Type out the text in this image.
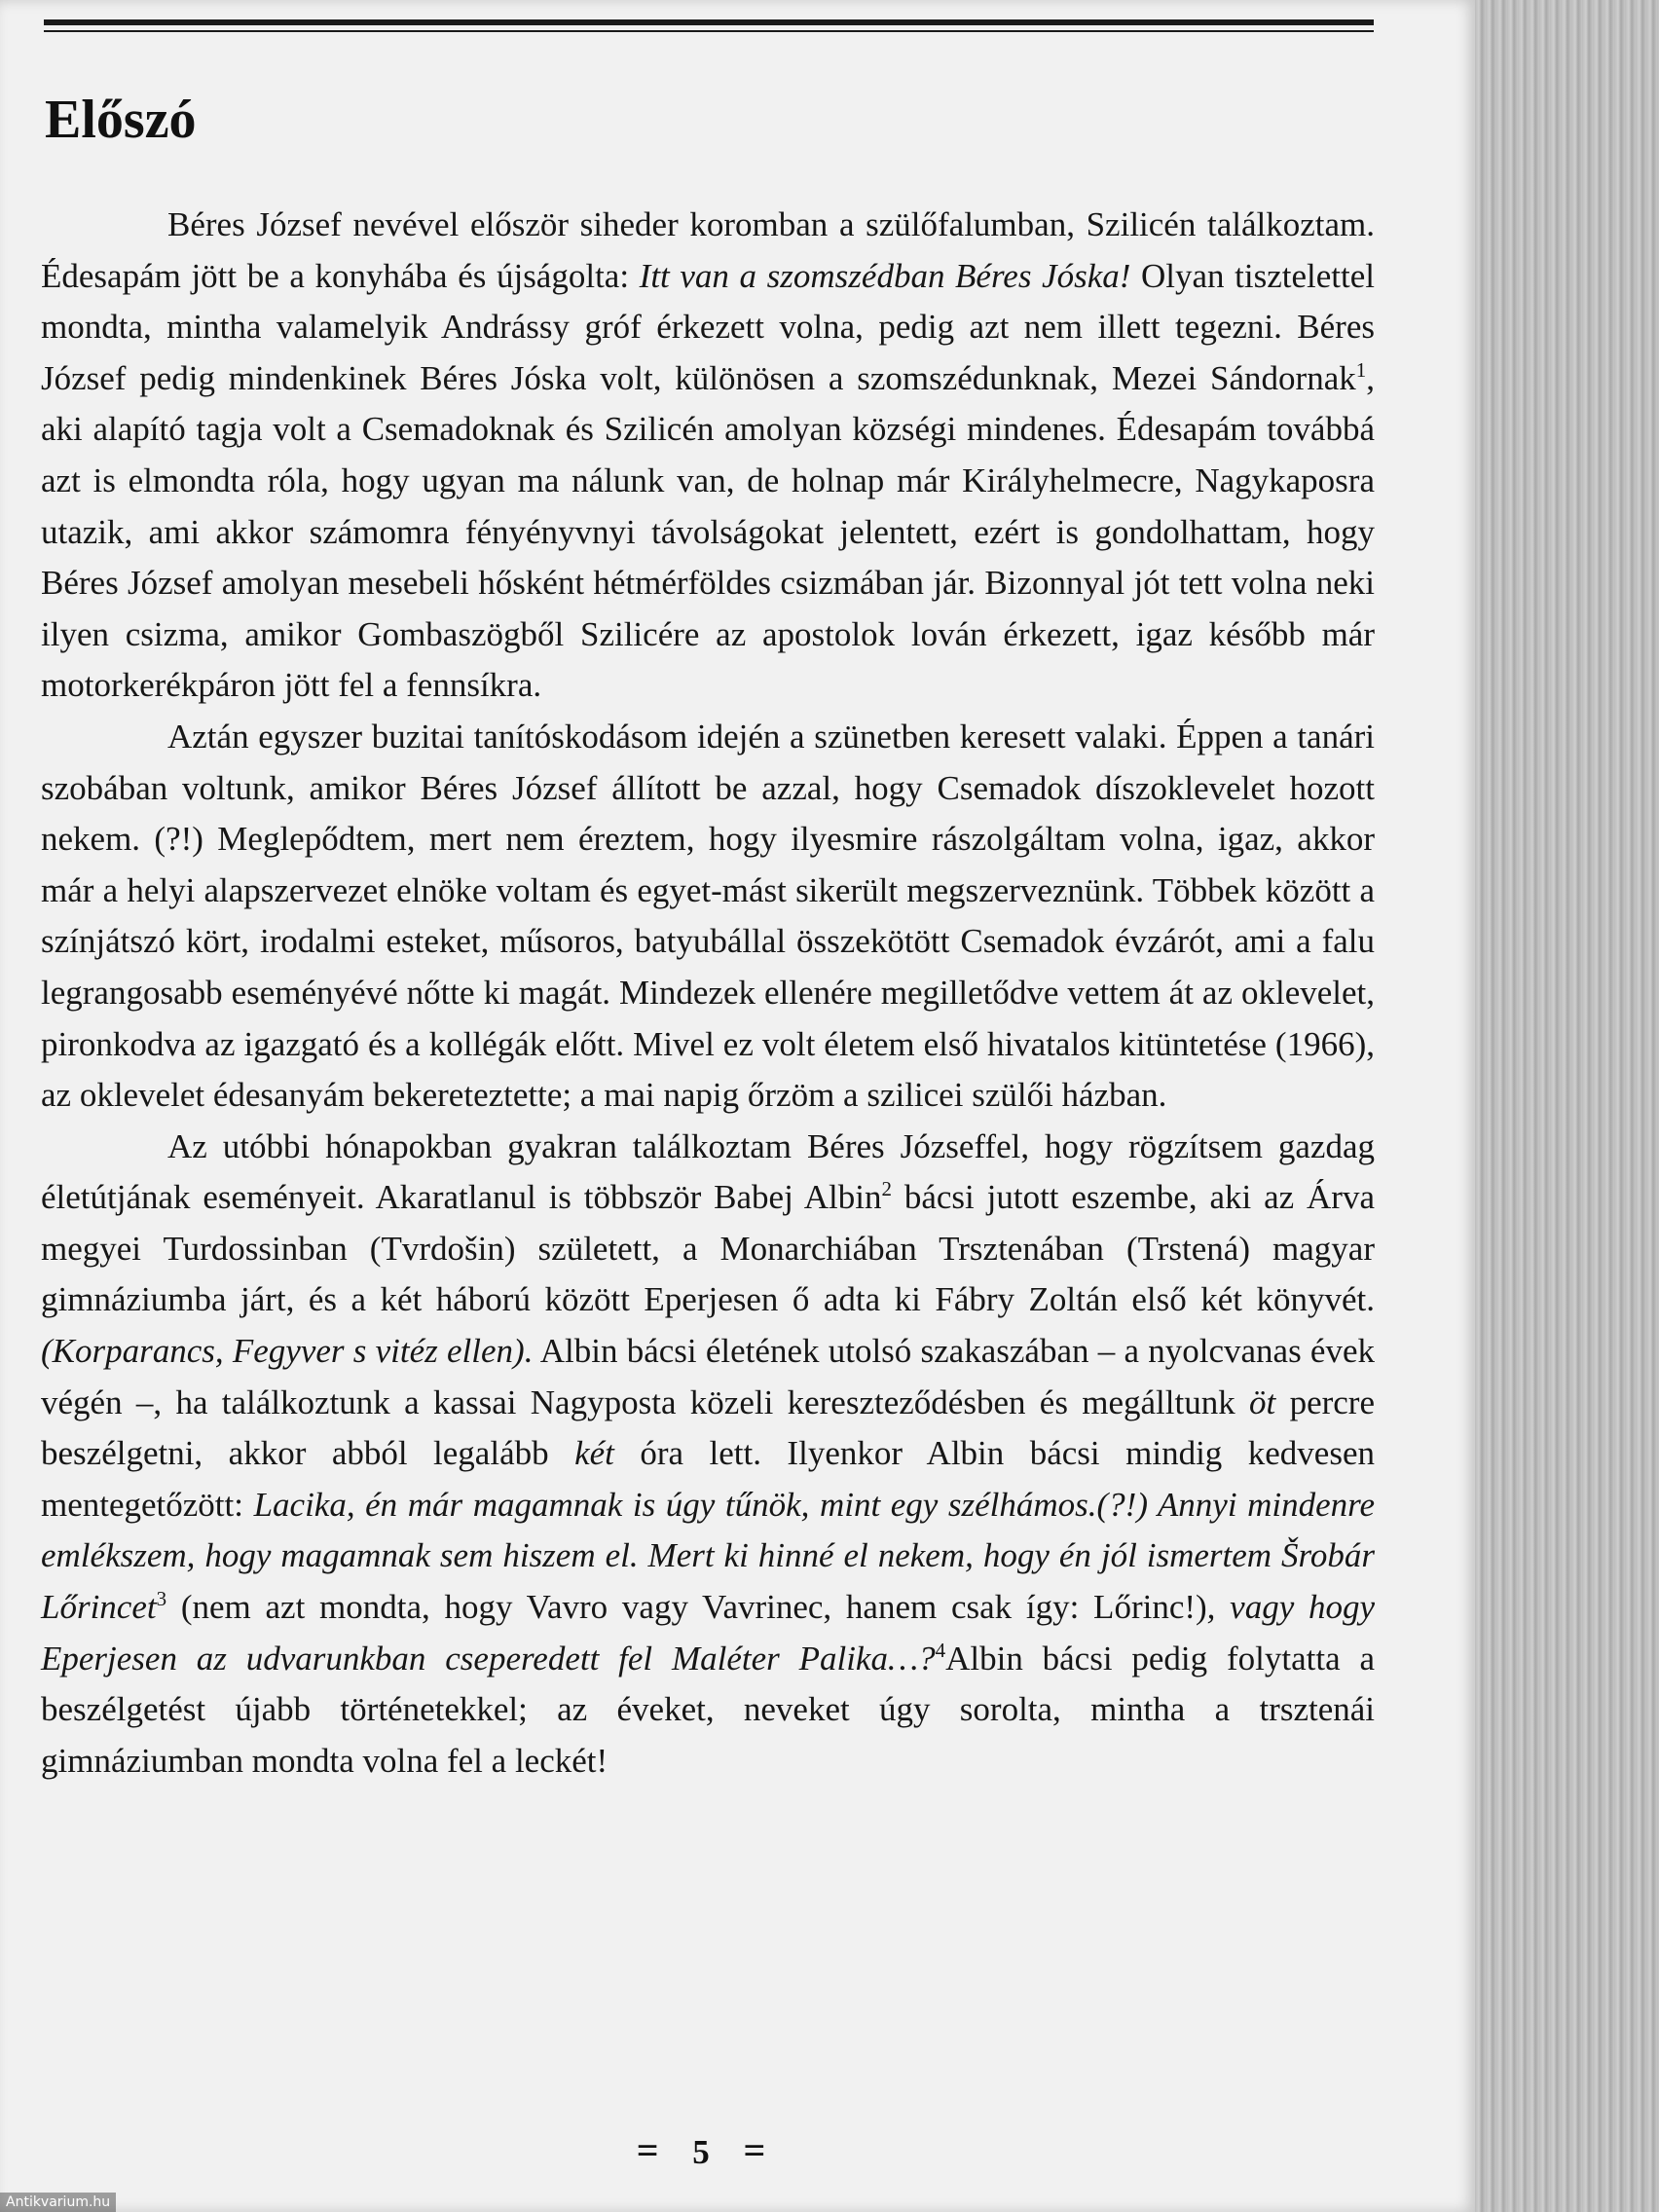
Előszó

Béres József nevével először siheder koromban a szülőfalumban, Szilicén találkoztam. Édesapám jött be a konyhába és újságolta: Itt van a szomszédban Béres Jóska! Olyan tisztelettel mondta, mintha valamelyik Andrássy gróf érkezett volna, pedig azt nem illett tegezni. Béres József pedig mindenkinek Béres Jóska volt, különösen a szomszédunknak, Mezei Sándornak$^1$, aki alapító tagja volt a Csemadoknak és Szilicén amolyan községi mindenes. Édesapám továbbá azt is elmondta róla, hogy ugyan ma nálunk van, de holnap már Királyhelmecre, Nagykaposra utazik, ami akkor számomra fényényvnyi távolságokat jelentett, ezért is gondolhattam, hogy Béres József amolyan mesebeli hősként hétmérföldes csizmában jár. Bizonnyal jót tett volna neki ilyen csizma, amikor Gombaszögből Szilicére az apostolok lován érkezett, igaz később már motorkerékpáron jött fel a fennsíkra.

Aztán egyszer buzitai tanítóskodásom idején a szünetben keresett valaki. Éppen a tanári szobában voltunk, amikor Béres József állított be azzal, hogy Csemadok díszoklevelet hozott nekem. (?!) Meglepődtem, mert nem éreztem, hogy ilyesmire rászolgáltam volna, igaz, akkor már a helyi alapszervezet elnöke voltam és egyet-mást sikerült megszerveznünk. Többek között a színjátszó kört, irodalmi esteket, műsoros, batyubállal összekötött Csemadok évzárót, ami a falu legrangosabb eseményévé nőtte ki magát. Mindezek ellenére megilletődve vettem át az oklevelet, pironkodva az igazgató és a kollégák előtt. Mivel ez volt életem első hivatalos kitüntetése (1966), az oklevelet édesanyám bekereteztette; a mai napig őrzöm a szilicei szülői házban.

Az utóbbi hónapokban gyakran találkoztam Béres Józseffel, hogy rögzítsem gazdag életútjának eseményeit. Akaratlanul is többször Babej Albin$^2$ bácsi jutott eszembe, aki az Árva megyei Turdossinban (Tvrdošin) született, a Monarchiában Trsztenában (Trstená) magyar gimnáziumba járt, és a két háború között Eperjesen ő adta ki Fábry Zoltán első két könyvét. (Korparancs, Fegyver s vitéz ellen). Albin bácsi életének utolsó szakaszában – a nyolcvanas évek végén –, ha találkoztunk a kassai Nagyposta közeli kereszteződésben és megálltunk öt percre beszélgetni, akkor abból legalább két óra lett. Ilyenkor Albin bácsi mindig kedvesen mentegetőzött: Lacika, én már magamnak is úgy tűnök, mint egy szélhámos.(?!) Annyi mindenre emlékszem, hogy magamnak sem hiszem el. Mert ki hinné el nekem, hogy én jól ismertem Šrobár Lőrincet$^3$ (nem azt mondta, hogy Vavro vagy Vavrinec, hanem csak így: Lőrinc!), vagy hogy Eperjesen az udvarunkban cseperedett fel Maléter Palika…?$^4$Albin bácsi pedig folytatta a beszélgetést újabb történetekkel; az éveket, neveket úgy sorolta, mintha a trsztenái gimnáziumban mondta volna fel a leckét!

= 5 =
Antikvarium.hu
